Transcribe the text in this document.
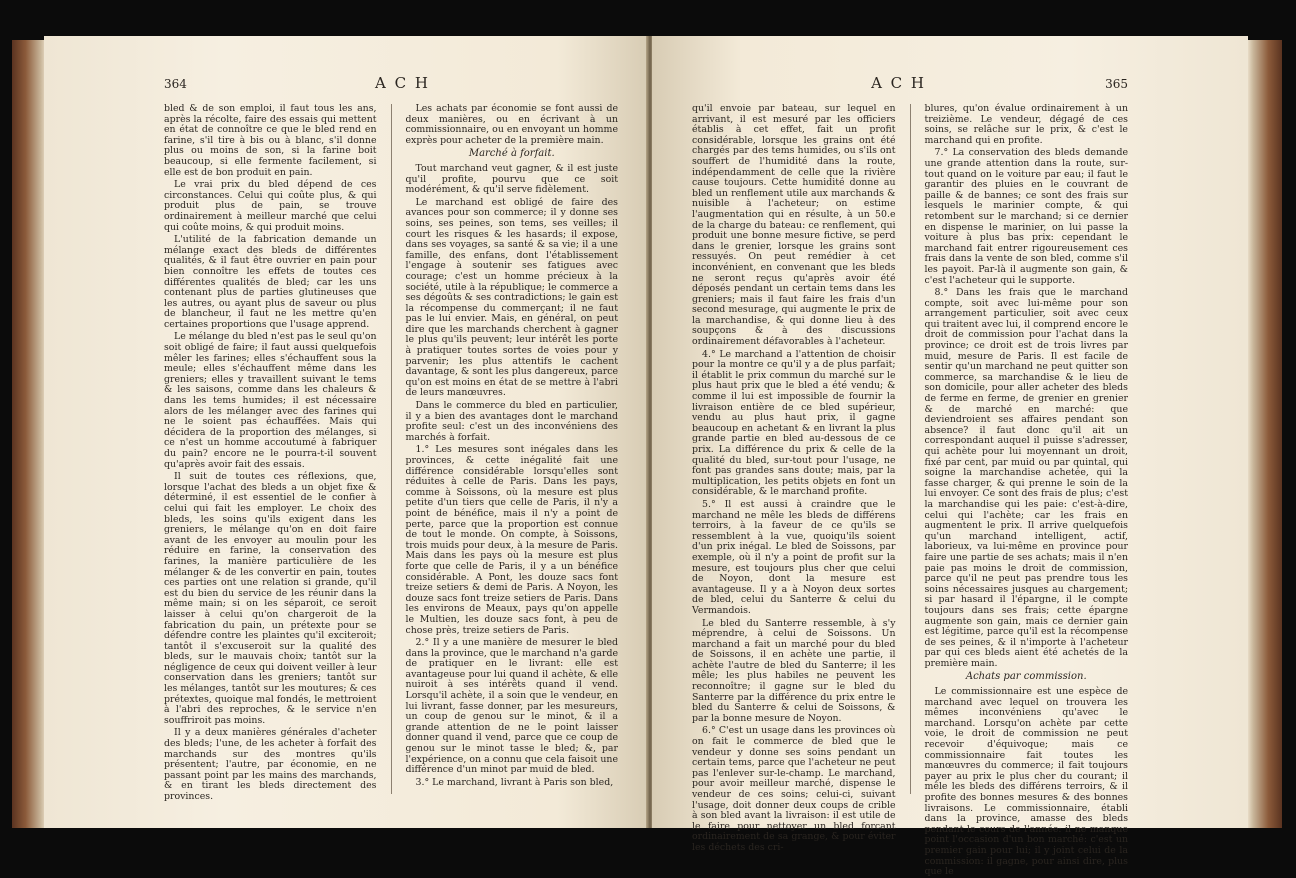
364	A C H

bled & de son emploi, il faut tous les ans, après la récolte, faire des essais qui mettent en état de connoître ce que le bled rend en farine, s'il tire à bis ou à blanc, s'il donne plus ou moins de son, si la farine boit beaucoup, si elle fermente facilement, si elle est de bon produit en pain.

Le vrai prix du bled dépend de ces circonstances. Celui qui coûte plus, & qui produit plus de pain, se trouve ordinairement à meilleur marché que celui qui coûte moins, & qui produit moins.

L'utilité de la fabrication demande un mélange exact des bleds de différentes qualités, & il faut être ouvrier en pain pour bien connoître les effets de toutes ces différentes qualités de bled; car les uns contenant plus de parties glutineuses que les autres, ou ayant plus de saveur ou plus de blancheur, il faut ne les mettre qu'en certaines proportions que l'usage apprend.

Le mélange du bled n'est pas le seul qu'on soit obligé de faire; il faut aussi quelquefois mêler les farines; elles s'échauffent sous la meule; elles s'échauffent même dans les greniers; elles y travaillent suivant le tems & les saisons, comme dans les chaleurs & dans les tems humides; il est nécessaire alors de les mélanger avec des farines qui ne le soient pas échauffées. Mais qui décidera de la proportion des mélanges, si ce n'est un homme accoutumé à fabriquer du pain? encore ne le pourra-t-il souvent qu'après avoir fait des essais.

Il suit de toutes ces réflexions, que, lorsque l'achat des bleds a un objet fixe & déterminé, il est essentiel de le confier à celui qui fait les employer. Le choix des bleds, les soins qu'ils exigent dans les greniers, le mélange qu'on en doit faire avant de les envoyer au moulin pour les réduire en farine, la conservation des farines, la manière particulière de les mélanger & de les convertir en pain, toutes ces parties ont une relation si grande, qu'il est du bien du service de les réunir dans la même main; si on les séparoit, ce seroit laisser à celui qu'on chargeroit de la fabrication du pain, un prétexte pour se défendre contre les plaintes qu'il exciteroit; tantôt il s'excuseroit sur la qualité des bleds, sur le mauvais choix; tantôt sur la négligence de ceux qui doivent veiller à leur conservation dans les greniers; tantôt sur les mélanges, tantôt sur les moutures; & ces prétextes, quoique mal fondés, le mettroient à l'abri des reproches, & le service n'en souffriroit pas moins.

Il y a deux manières générales d'acheter des bleds; l'une, de les acheter à forfait des marchands sur des montres qu'ils présentent; l'autre, par économie, en ne passant point par les mains des marchands, & en tirant les bleds directement des provinces.

Les achats par économie se font aussi de deux manières, ou en écrivant à un commissionnaire, ou en envoyant un homme exprès pour acheter de la première main.

Marché à forfait.

Tout marchand veut gagner, & il est juste qu'il profite, pourvu que ce soit modérément, & qu'il serve fidèlement.

Le marchand est obligé de faire des avances pour son commerce; il y donne ses soins, ses peines, son tems, ses veilles; il court les risques & les hasards; il expose, dans ses voyages, sa santé & sa vie; il a une famille, des enfans, dont l'établissement l'engage à soutenir ses fatigues avec courage; c'est un homme précieux à la société, utile à la république; le commerce a ses dégoûts & ses contradictions; le gain est la récompense du commerçant; il ne faut pas le lui envier. Mais, en général, on peut dire que les marchands cherchent à gagner le plus qu'ils peuvent; leur intérêt les porte à pratiquer toutes sortes de voies pour y parvenir; les plus attentifs le cachent davantage, & sont les plus dangereux, parce qu'on est moins en état de se mettre à l'abri de leurs manœuvres.

Dans le commerce du bled en particulier, il y a bien des avantages dont le marchand profite seul: c'est un des inconvéniens des marchés à forfait.

1.° Les mesures sont inégales dans les provinces, & cette inégalité fait une différence considérable lorsqu'elles sont réduites à celle de Paris. Dans les pays, comme à Soissons, où la mesure est plus petite d'un tiers que celle de Paris, il n'y a point de bénéfice, mais il n'y a point de perte, parce que la proportion est connue de tout le monde. On compte, à Soissons, trois muids pour deux, à la mesure de Paris. Mais dans les pays où la mesure est plus forte que celle de Paris, il y a un bénéfice considérable. A Pont, les douze sacs font treize setiers & demi de Paris. A Noyon, les douze sacs font treize setiers de Paris. Dans les environs de Meaux, pays qu'on appelle le Multien, les douze sacs font, à peu de chose près, treize setiers de Paris.

2.° Il y a une manière de mesurer le bled dans la province, que le marchand n'a garde de pratiquer en le livrant: elle est avantageuse pour lui quand il achète, & elle nuiroit à ses intérêts quand il vend. Lorsqu'il achète, il a soin que le vendeur, en lui livrant, fasse donner, par les mesureurs, un coup de genou sur le minot, & il a grande attention de ne le point laisser donner quand il vend, parce que ce coup de genou sur le minot tasse le bled; &, par l'expérience, on a connu que cela faisoit une différence d'un minot par muid de bled.

3.° Le marchand, livrant à Paris son bled,

A C H	365

qu'il envoie par bateau, sur lequel en arrivant, il est mesuré par les officiers établis à cet effet, fait un profit considérable, lorsque les grains ont été chargés par des tems humides, ou s'ils ont souffert de l'humidité dans la route, indépendamment de celle que la rivière cause toujours. Cette humidité donne au bled un renflement utile aux marchands & nuisible à l'acheteur; on estime l'augmentation qui en résulte, à un 50.e de la charge du bateau: ce renflement, qui produit une bonne mesure fictive, se perd dans le grenier, lorsque les grains sont ressuyés. On peut remédier à cet inconvénient, en convenant que les bleds ne seront reçus qu'après avoir été déposés pendant un certain tems dans les greniers; mais il faut faire les frais d'un second mesurage, qui augmente le prix de la marchandise, & qui donne lieu à des soupçons & à des discussions ordinairement défavorables à l'acheteur.

4.° Le marchand a l'attention de choisir pour la montre ce qu'il y a de plus parfait; il établit le prix commun du marché sur le plus haut prix que le bled a été vendu; & comme il lui est impossible de fournir la livraison entière de ce bled supérieur, vendu au plus haut prix, il gagne beaucoup en achetant & en livrant la plus grande partie en bled au-dessous de ce prix. La différence du prix & celle de la qualité du bled, sur-tout pour l'usage, ne font pas grandes sans doute; mais, par la multiplication, les petits objets en font un considérable, & le marchand profite.

5.° Il est aussi à craindre que le marchand ne mêle les bleds de différens terroirs, à la faveur de ce qu'ils se ressemblent à la vue, quoiqu'ils soient d'un prix inégal. Le bled de Soissons, par exemple, où il n'y a point de profit sur la mesure, est toujours plus cher que celui de Noyon, dont la mesure est avantageuse. Il y a à Noyon deux sortes de bled, celui du Santerre & celui du Vermandois.

Le bled du Santerre ressemble, à s'y méprendre, à celui de Soissons. Un marchand a fait un marché pour du bled de Soissons, il en achète une partie, il achète l'autre de bled du Santerre; il les mêle; les plus habiles ne peuvent les reconnoître; il gagne sur le bled du Santerre par la différence du prix entre le bled du Santerre & celui de Soissons, & par la bonne mesure de Noyon.

6.° C'est un usage dans les provinces où on fait le commerce de bled que le vendeur y donne ses soins pendant un certain tems, parce que l'acheteur ne peut pas l'enlever sur-le-champ. Le marchand, pour avoir meilleur marché, dispense le vendeur de ces soins; celui-ci, suivant l'usage, doit donner deux coups de crible à son bled avant la livraison: il est utile de le faire pour nettoyer un bled forcant ordinairement de sa grange, & pour éviter les déchets des cri-

blures, qu'on évalue ordinairement à un treizième. Le vendeur, dégagé de ces soins, se relâche sur le prix, & c'est le marchand qui en profite.

7.° La conservation des bleds demande une grande attention dans la route, sur-tout quand on le voiture par eau; il faut le garantir des pluies en le couvrant de paille & de bannes; ce sont des frais sur lesquels le marinier compte, & qui retombent sur le marchand; si ce dernier en dispense le marinier, on lui passe la voiture à plus bas prix: cependant le marchand fait entrer rigoureusement ces frais dans la vente de son bled, comme s'il les payoit. Par-là il augmente son gain, & c'est l'acheteur qui le supporte.

8.° Dans les frais que le marchand compte, soit avec lui-même pour son arrangement particulier, soit avec ceux qui traitent avec lui, il comprend encore le droit de commission pour l'achat dans la province; ce droit est de trois livres par muid, mesure de Paris. Il est facile de sentir qu'un marchand ne peut quitter son commerce, sa marchandise & le lieu de son domicile, pour aller acheter des bleds de ferme en ferme, de grenier en grenier & de marché en marché: que deviendroient ses affaires pendant son absence? il faut donc qu'il ait un correspondant auquel il puisse s'adresser, qui achète pour lui moyennant un droit, fixé par cent, par muid ou par quintal, qui soigne la marchandise achetée, qui la fasse charger, & qui prenne le soin de la lui envoyer. Ce sont des frais de plus; c'est la marchandise qui les paie: c'est-à-dire, celui qui l'achète; car les frais en augmentent le prix. Il arrive quelquefois qu'un marchand intelligent, actif, laborieux, va lui-même en province pour faire une partie de ses achats; mais il n'en paie pas moins le droit de commission, parce qu'il ne peut pas prendre tous les soins nécessaires jusques au chargement; si par hasard il l'épargne, il le compte toujours dans ses frais; cette épargne augmente son gain, mais ce dernier gain est légitime, parce qu'il est la récompense de ses peines, & il n'importe à l'acheteur par qui ces bleds aient été achetés de la première main.

Achats par commission.

Le commissionnaire est une espèce de marchand avec lequel on trouvera les mêmes inconvéniens qu'avec le marchand. Lorsqu'on achète par cette voie, le droit de commission ne peut recevoir d'équivoque; mais ce commissionnaire fait toutes les manœuvres du commerce; il fait toujours payer au prix le plus cher du courant; il mêle les bleds des différens terroirs, & il profite des bonnes mesures & des bonnes livraisons. Le commissionnaire, établi dans la province, amasse des bleds pendant le cours de l'année: il ne manque point l'occasion d'un bon marché: c'est un premier gain pour lui; il y joint celui de la commission: il gagne, pour ainsi dire, plus que le
